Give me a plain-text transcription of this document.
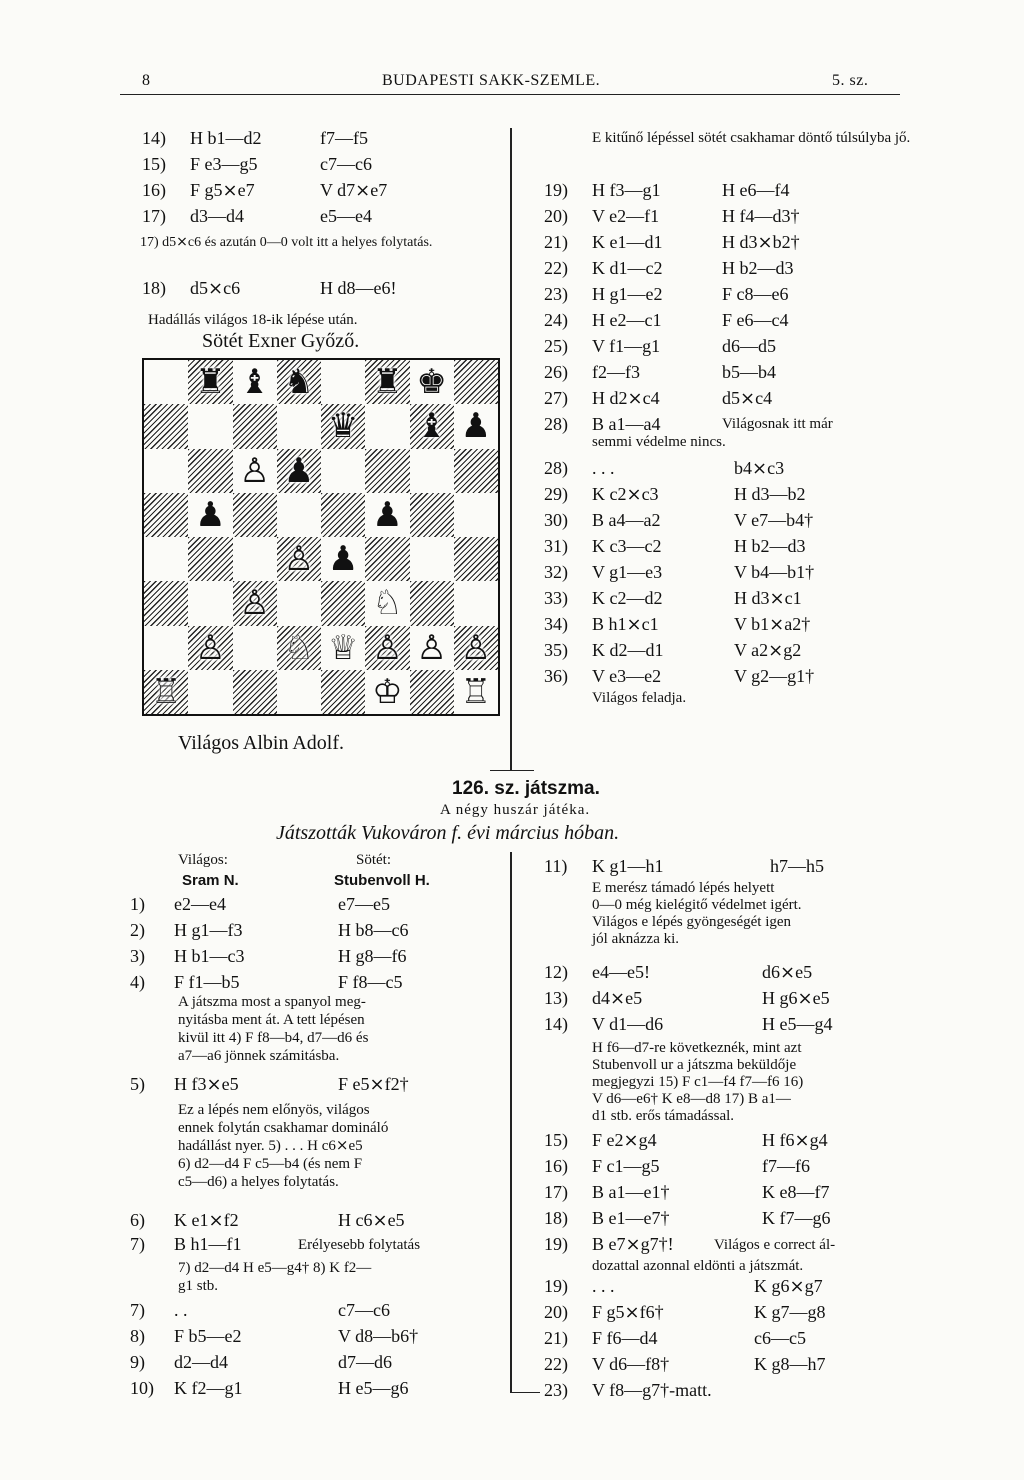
8	BUDAPESTI SAKK-SZEMLE.	5. sz.
14) H b1—d2	f7—f5
15) F e3—g5	c7—c6
16) F g5⨯e7	V d7⨯e7
17) d3—d4	e5—e4
17) d5⨯c6 és azután 0—0 volt itt a helyes folytatás.
18) d5⨯c6	H d8—e6!
Hadállás világos 18-ik lépése után.
Sötét Exner Győző.
♜ ♝ ♞ ♜ ♚
♛ ♝ ♟
♙ ♟
♟	♟
♙ ♟
♙	♘
♙ ♘ ♕ ♙ ♙ ♙
♖	♔ ♖
Világos Albin Adolf.
E kitűnő lépéssel sötét csakhamar döntő túlsúlyba jő.
19) H f3—g1	H e6—f4
20) V e2—f1	H f4—d3†
21) K e1—d1	H d3⨯b2†
22) K d1—c2	H b2—d3
23) H g1—e2	F c8—e6
24) H e2—c1	F e6—c4
25) V f1—g1	d6—d5
26) f2—f3	b5—b4
27) H d2⨯c4	d5⨯c4
28) B a1—a4	Világosnak itt már
semmi védelme nincs.
28) . . .	b4⨯c3
29) K c2⨯c3	H d3—b2
30) B a4—a2	V e7—b4†
31) K c3—c2	H b2—d3
32) V g1—e3	V b4—b1†
33) K c2—d2	H d3⨯c1
34) B h1⨯c1	V b1⨯a2†
35) K d2—d1	V a2⨯g2
36) V e3—e2	V g2—g1†
Világos feladja.
126. sz. játszma.
A négy huszár játéka.
Játszották Vukováron f. évi március hóban.
Világos:	Sötét:
Sram N.	Stubenvoll H.
1) e2—e4	e7—e5
2) H g1—f3	H b8—c6
3) H b1—c3	H g8—f6
4) F f1—b5	F f8—c5
A játszma most a spanyol meg-
nyitásba ment át. A tett lépésen
kivül itt 4) F f8—b4, d7—d6 és
a7—a6 jönnek számitásba.
5) H f3⨯e5	F e5⨯f2†
Ez a lépés nem előnyös, világos
ennek folytán csakhamar domináló
hadállást nyer. 5) . . . H c6⨯e5
6) d2—d4 F c5—b4 (és nem F
c5—d6) a helyes folytatás.
6) K e1⨯f2	H c6⨯e5
7) B h1—f1	Erélyesebb folytatás
7) d2—d4 H e5—g4† 8) K f2—
g1 stb.
7) . .	c7—c6
8) F b5—e2	V d8—b6†
9) d2—d4	d7—d6
10) K f2—g1	H e5—g6
11) K g1—h1	h7—h5
E merész támadó lépés helyett
0—0 még kielégitő védelmet igért.
Világos e lépés gyöngeségét igen
jól aknázza ki.
12) e4—e5!	d6⨯e5
13) d4⨯e5	H g6⨯e5
14) V d1—d6	H e5—g4
H f6—d7-re következnék, mint azt
Stubenvoll ur a játszma beküldője
megjegyzi 15) F c1—f4 f7—f6 16)
V d6—e6† K e8—d8 17) B a1—
d1 stb. erős támadással.
15) F e2⨯g4	H f6⨯g4
16) F c1—g5	f7—f6
17) B a1—e1†	K e8—f7
18) B e1—e7†	K f7—g6
19) B e7⨯g7†!	Világos e correct ál-
dozattal azonnal eldönti a játszmát.
19) . . .	K g6⨯g7
20) F g5⨯f6†	K g7—g8
21) F f6—d4	c6—c5
22) V d6—f8†	K g8—h7
23) V f8—g7†-matt.
